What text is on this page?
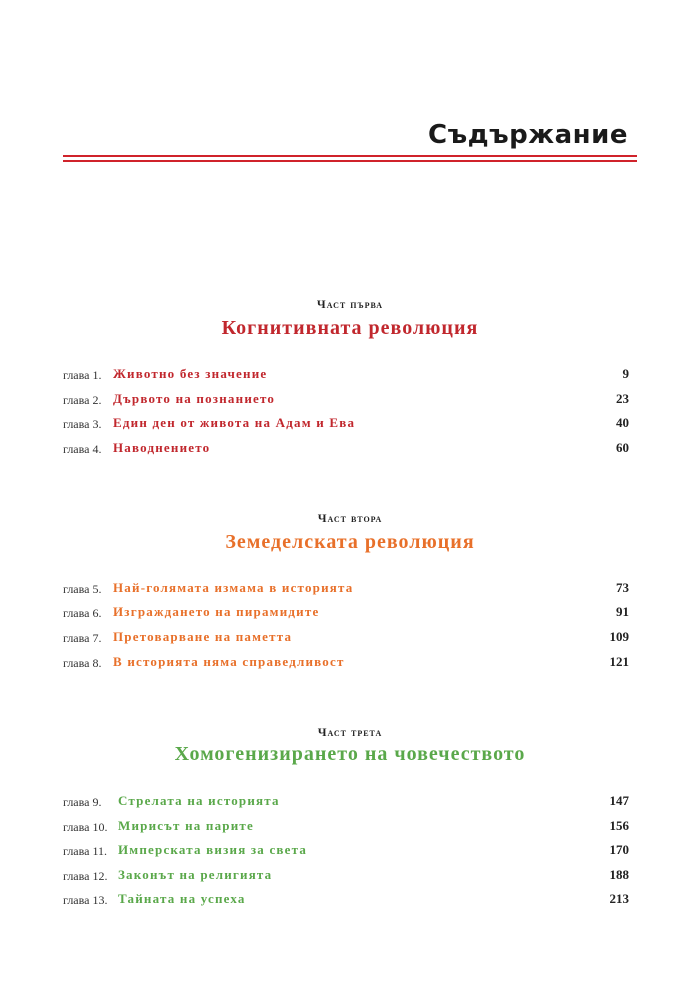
Съдържание
Част първа
Когнитивната революция
глава 1. Животно без значение	9
глава 2. Дървото на познанието	23
глава 3. Един ден от живота на Адам и Ева	40
глава 4. Наводнението	60
Част втора
Земеделската революция
глава 5. Най-голямата измама в историята	73
глава 6. Изграждането на пирамидите	91
глава 7. Претоварване на паметта	109
глава 8. В историята няма справедливост	121
Част трета
Хомогенизирането на човечеството
глава 9. Стрелата на историята	147
глава 10. Мирисът на парите	156
глава 11. Имперската визия за света	170
глава 12. Законът на религията	188
глава 13. Тайната на успеха	213
